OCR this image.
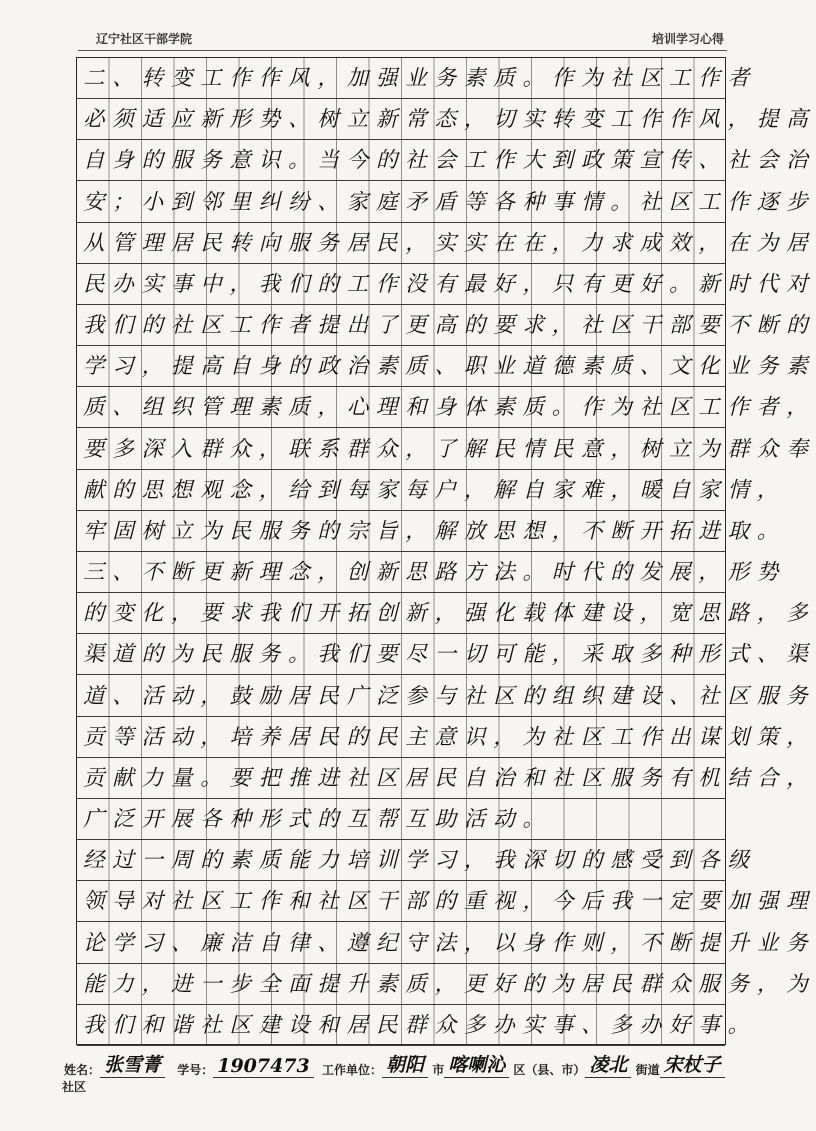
辽宁社区干部学院	培训学习心得
二、转变工作作风，加强业务素质。作为社区工作者
必须适应新形势、树立新常态，切实转变工作作风，提高
自身的服务意识。当今的社会工作大到政策宣传、社会治
安；小到邻里纠纷、家庭矛盾等各种事情。社区工作逐步
从管理居民转向服务居民，实实在在，力求成效，在为居
民办实事中，我们的工作没有最好，只有更好。新时代对
我们的社区工作者提出了更高的要求，社区干部要不断的
学习，提高自身的政治素质、职业道德素质、文化业务素
质、组织管理素质，心理和身体素质。作为社区工作者，
要多深入群众，联系群众，了解民情民意，树立为群众奉
献的思想观念，给到每家每户，解自家难，暖自家情，
牢固树立为民服务的宗旨，解放思想，不断开拓进取。
三、不断更新理念，创新思路方法。时代的发展，形势
的变化，要求我们开拓创新，强化载体建设，宽思路，多
渠道的为民服务。我们要尽一切可能，采取多种形式、渠
道、活动，鼓励居民广泛参与社区的组织建设、社区服务
贡等活动，培养居民的民主意识，为社区工作出谋划策，
贡献力量。要把推进社区居民自治和社区服务有机结合，
广泛开展各种形式的互帮互助活动。
经过一周的素质能力培训学习，我深切的感受到各级
领导对社区工作和社区干部的重视，今后我一定要加强理
论学习、廉洁自律、遵纪守法，以身作则，不断提升业务
能力，进一步全面提升素质，更好的为居民群众服务，为
我们和谐社区建设和居民群众多办实事、多办好事。
姓名： 张雪菁 学号： 1907473 工作单位： 朝阳 市 喀喇沁 区（县、市） 凌北 街道 宋杖子 社区
